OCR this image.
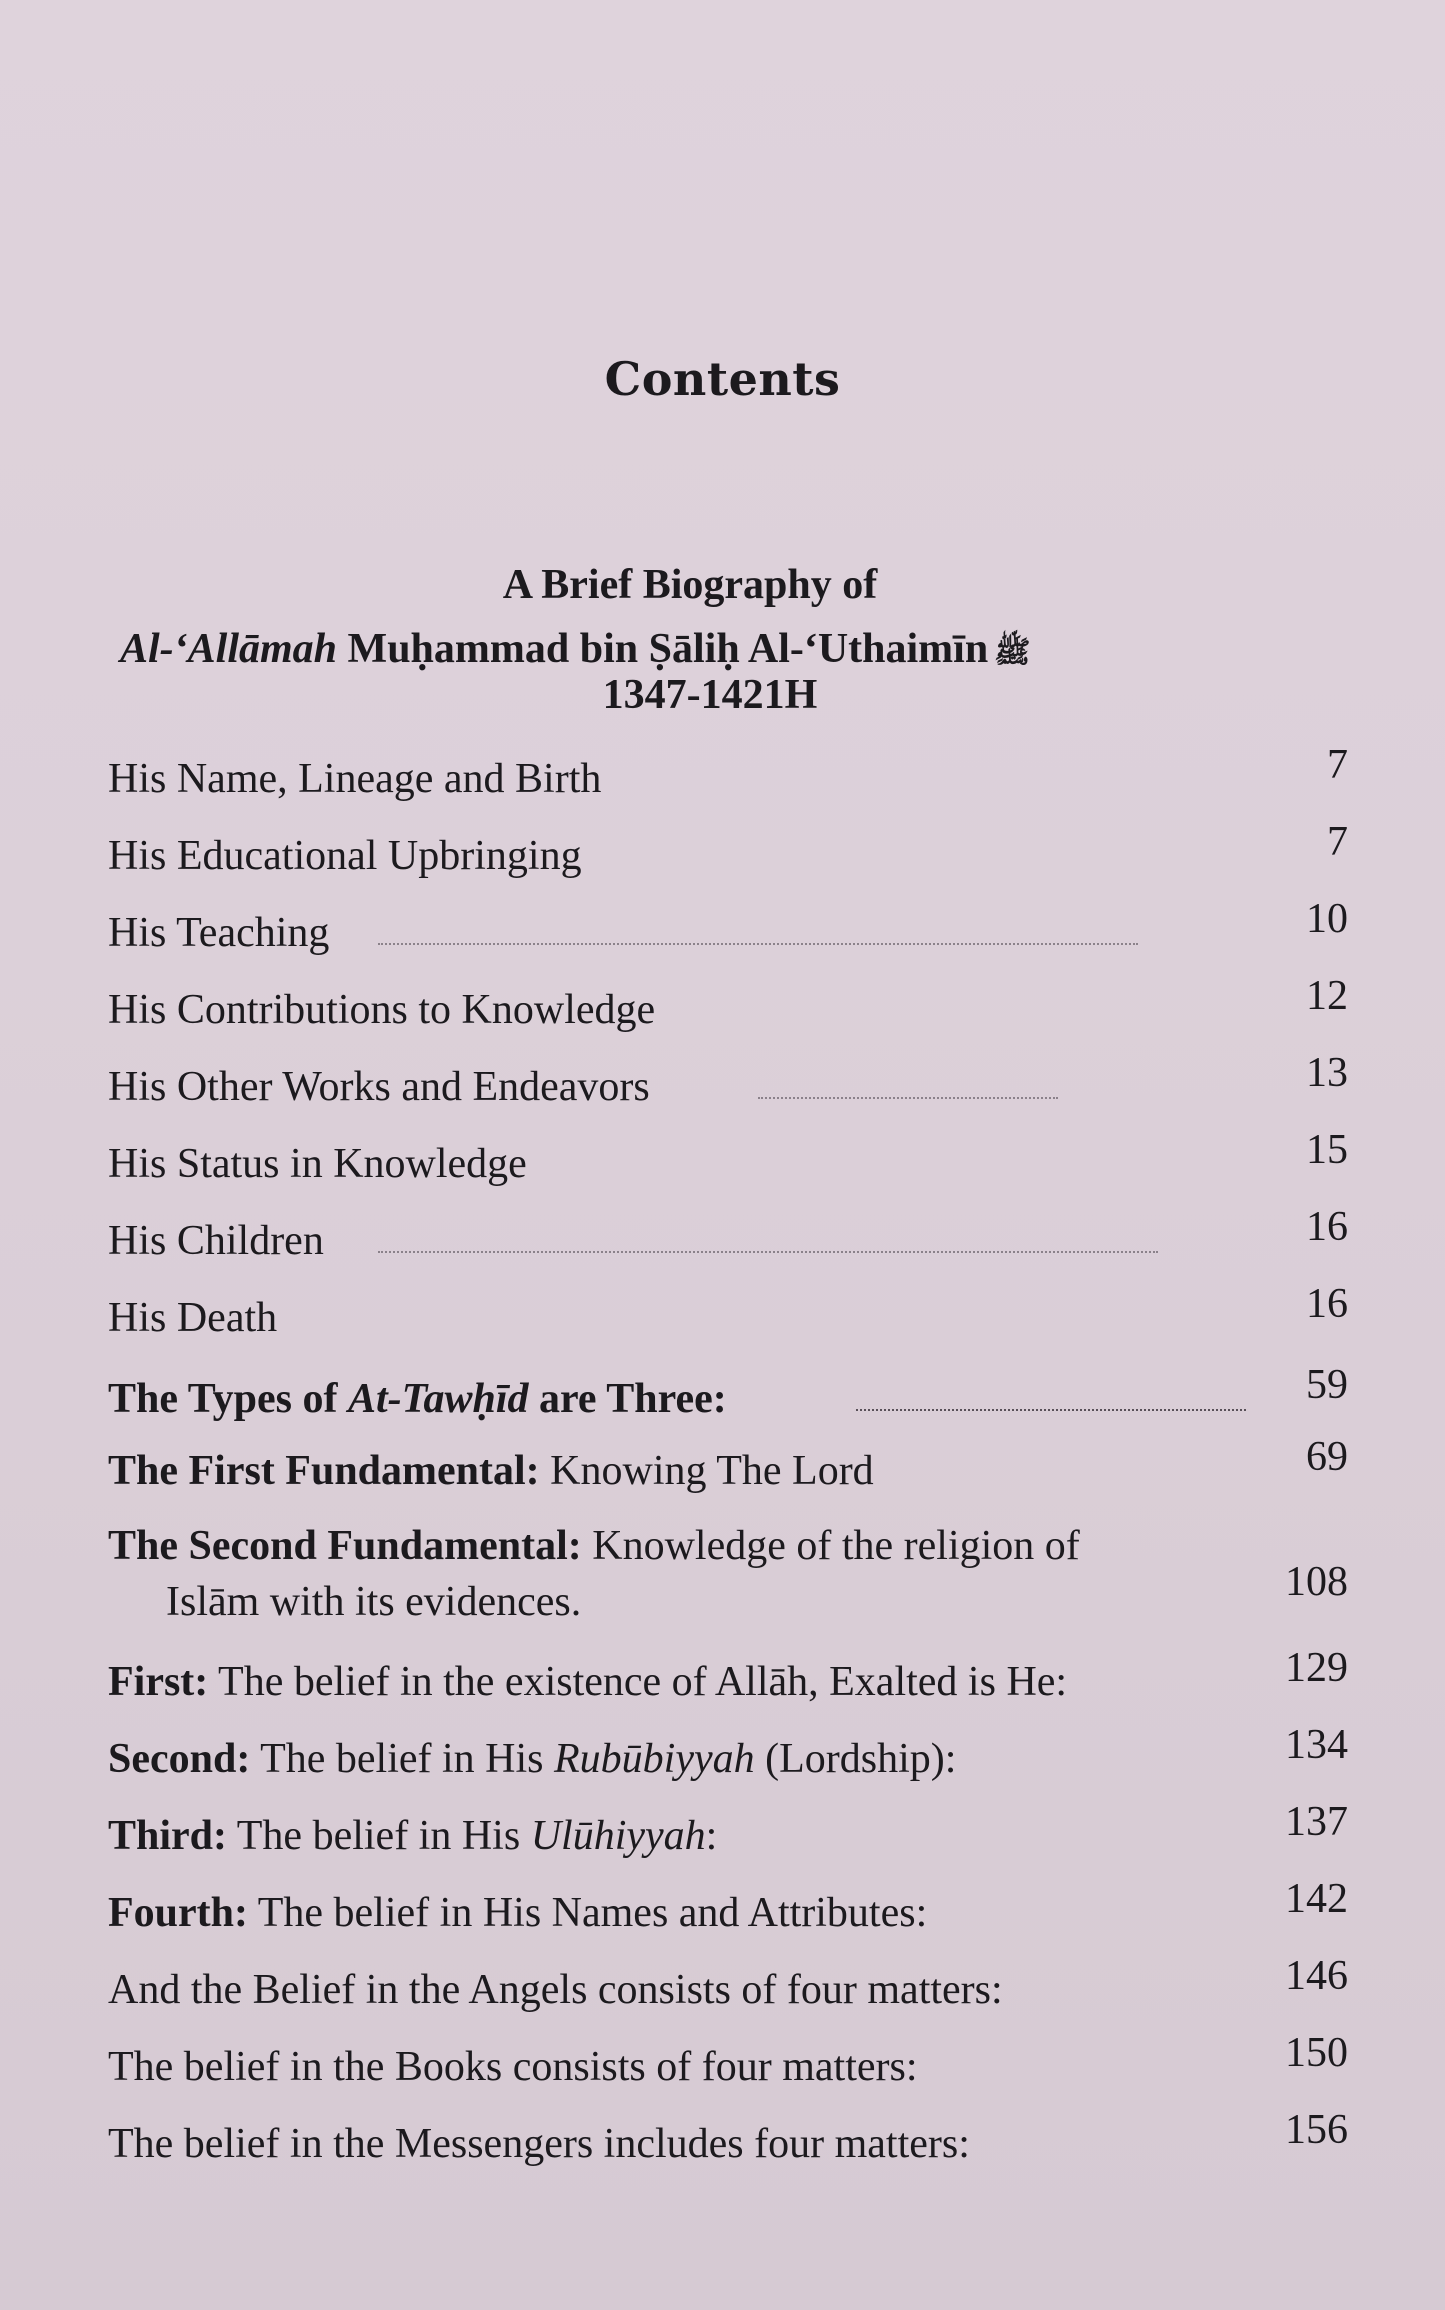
Contents
A Brief Biography of
Al-‘Allāmah Muḥammad bin Ṣāliḥ Al-‘Uthaimīn ﷺ
1347-1421H
His Name, Lineage and Birth	7
His Educational Upbringing	7
His Teaching	10
His Contributions to Knowledge	12
His Other Works and Endeavors	13
His Status in Knowledge	15
His Children	16
His Death	16
The Types of At-Tawḥīd are Three:	59
The First Fundamental: Knowing The Lord	69
The Second Fundamental: Knowledge of the religion of
Islām with its evidences.	108
First: The belief in the existence of Allāh, Exalted is He:	129
Second: The belief in His Rubūbiyyah (Lordship):	134
Third: The belief in His Ulūhiyyah:	137
Fourth: The belief in His Names and Attributes:	142
And the Belief in the Angels consists of four matters:	146
The belief in the Books consists of four matters:	150
The belief in the Messengers includes four matters:	156
